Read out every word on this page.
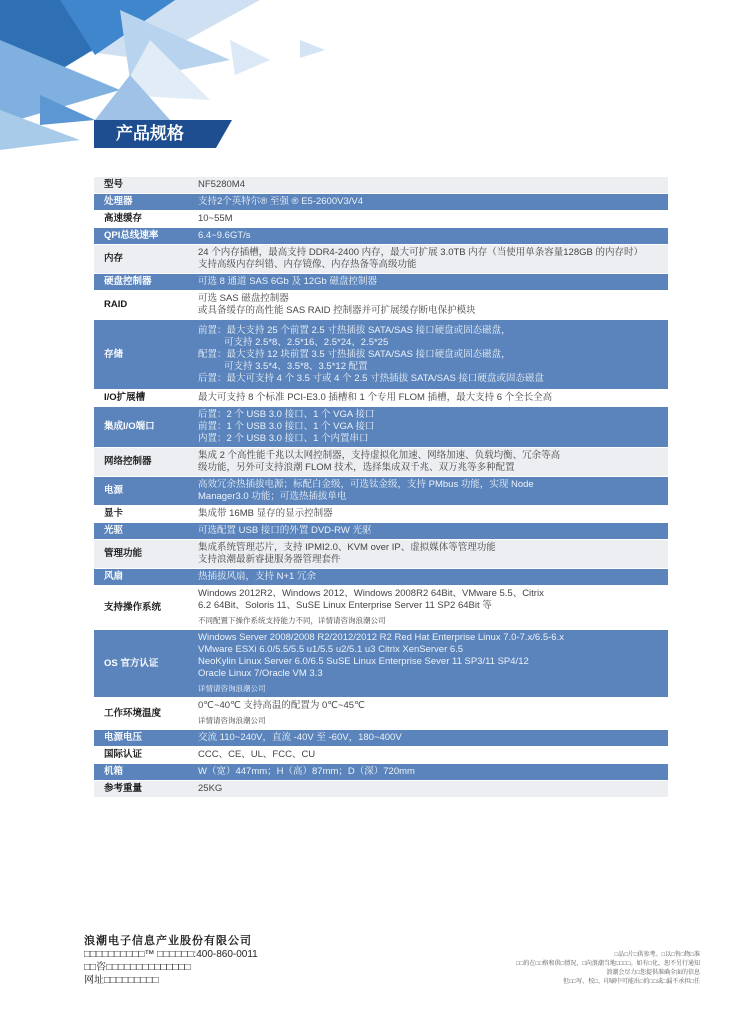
产品规格
型号	NF5280M4

处理器	支持2个英特尔® 至强 ® E5-2600V3/V4

高速缓存	10~55M

QPI总线速率	6.4~9.6GT/s

内存	24 个内存插槽，最高支持 DDR4-2400 内存，最大可扩展 3.0TB 内存（当使用单条容量128GB 的内存时）
支持高级内存纠错、内存镜像、内存热备等高级功能

硬盘控制器	可选 8 通道 SAS 6Gb 及 12Gb 磁盘控制器

RAID	可选 SAS 磁盘控制器
或具备缓存的高性能 SAS RAID 控制器并可扩展缓存断电保护模块

存储	前置：最大支持 25 个前置 2.5 寸热插拔 SATA/SAS 接口硬盘或固态磁盘，
可支持 2.5*8、2.5*16、2.5*24、2.5*25
配置：最大支持 12 块前置 3.5 寸热插拔 SATA/SAS 接口硬盘或固态磁盘，
可支持 3.5*4、3.5*8、3.5*12 配置
后置：最大可支持 4 个 3.5 寸或 4 个 2.5 寸热插拔 SATA/SAS 接口硬盘或固态磁盘

I/O扩展槽	最大可支持 8 个标准 PCI-E3.0 插槽和 1 个专用 FLOM 插槽，最大支持 6 个全长全高

集成I/O端口	后置：2 个 USB 3.0 接口、1 个 VGA 接口
前置：1 个 USB 3.0 接口、1 个 VGA 接口
内置：2 个 USB 3.0 接口、1 个内置串口

网络控制器	集成 2 个高性能千兆以太网控制器，支持虚拟化加速、网络加速、负载均衡、冗余等高
级功能，另外可支持浪潮 FLOM 技术，选择集成双千兆、双万兆等多种配置

电源	高效冗余热插拔电源；标配白金级，可选钛金级，支持 PMbus 功能，实现 Node
Manager3.0 功能；可选热插拔单电

显卡	集成带 16MB 显存的显示控制器

光驱	可选配置 USB 接口的外置 DVD-RW 光驱

管理功能	集成系统管理芯片，支持 IPMI2.0、KVM over IP、虚拟媒体等管理功能
支持浪潮最新睿捷服务器管理套件

风扇	热插拔风扇，支持 N+1 冗余

支持操作系统	Windows 2012R2、Windows 2012、Windows 2008R2 64Bit、VMware 5.5、Citrix
6.2 64Bit、Soloris 11、SuSE Linux Enterprise Server 11 SP2 64Bit 等
不同配置下操作系统支持能力不同，详情请咨询浪潮公司

OS 官方认证	Windows Server 2008/2008 R2/2012/2012 R2 Red Hat Enterprise Linux 7.0-7.x/6.5-6.x
VMware ESXi 6.0/5.5/5.5 u1/5.5 u2/5.1 u3 Citrix XenServer 6.5
NeoKylin Linux Server 6.0/6.5 SuSE Linux Enterprise Sever 11 SP3/11 SP4/12
Oracle Linux 7/Oracle VM 3.3
详情请咨询浪潮公司

工作环境温度	0℃~40℃ 支持高温的配置为 0℃~45℃
详情请咨询浪潮公司

电源电压	交流 110~240V，直流 -40V 至 -60V，180~400V

国际认证	CCC、CE、UL、FCC、CU

机箱	W（宽）447mm；H（高）87mm；D（深）720mm

参考重量	25KG
浪潮电子信息产业股份有限公司
□□□□□□□□□□™ □□□□□□:400-860-0011
□□咨□□□□□□□□□□□□□□
网址□□□□□□□□□
□品□片□供参考。□以□售□物□准
□□的在□□格和供□情况，□向浪潮当地□□□□。如有□化，恕不另行通知
浪潮会尽力□您提供准确全面的信息
但□□写、校□、印刷中可能出□的□□或□漏不承担□任
